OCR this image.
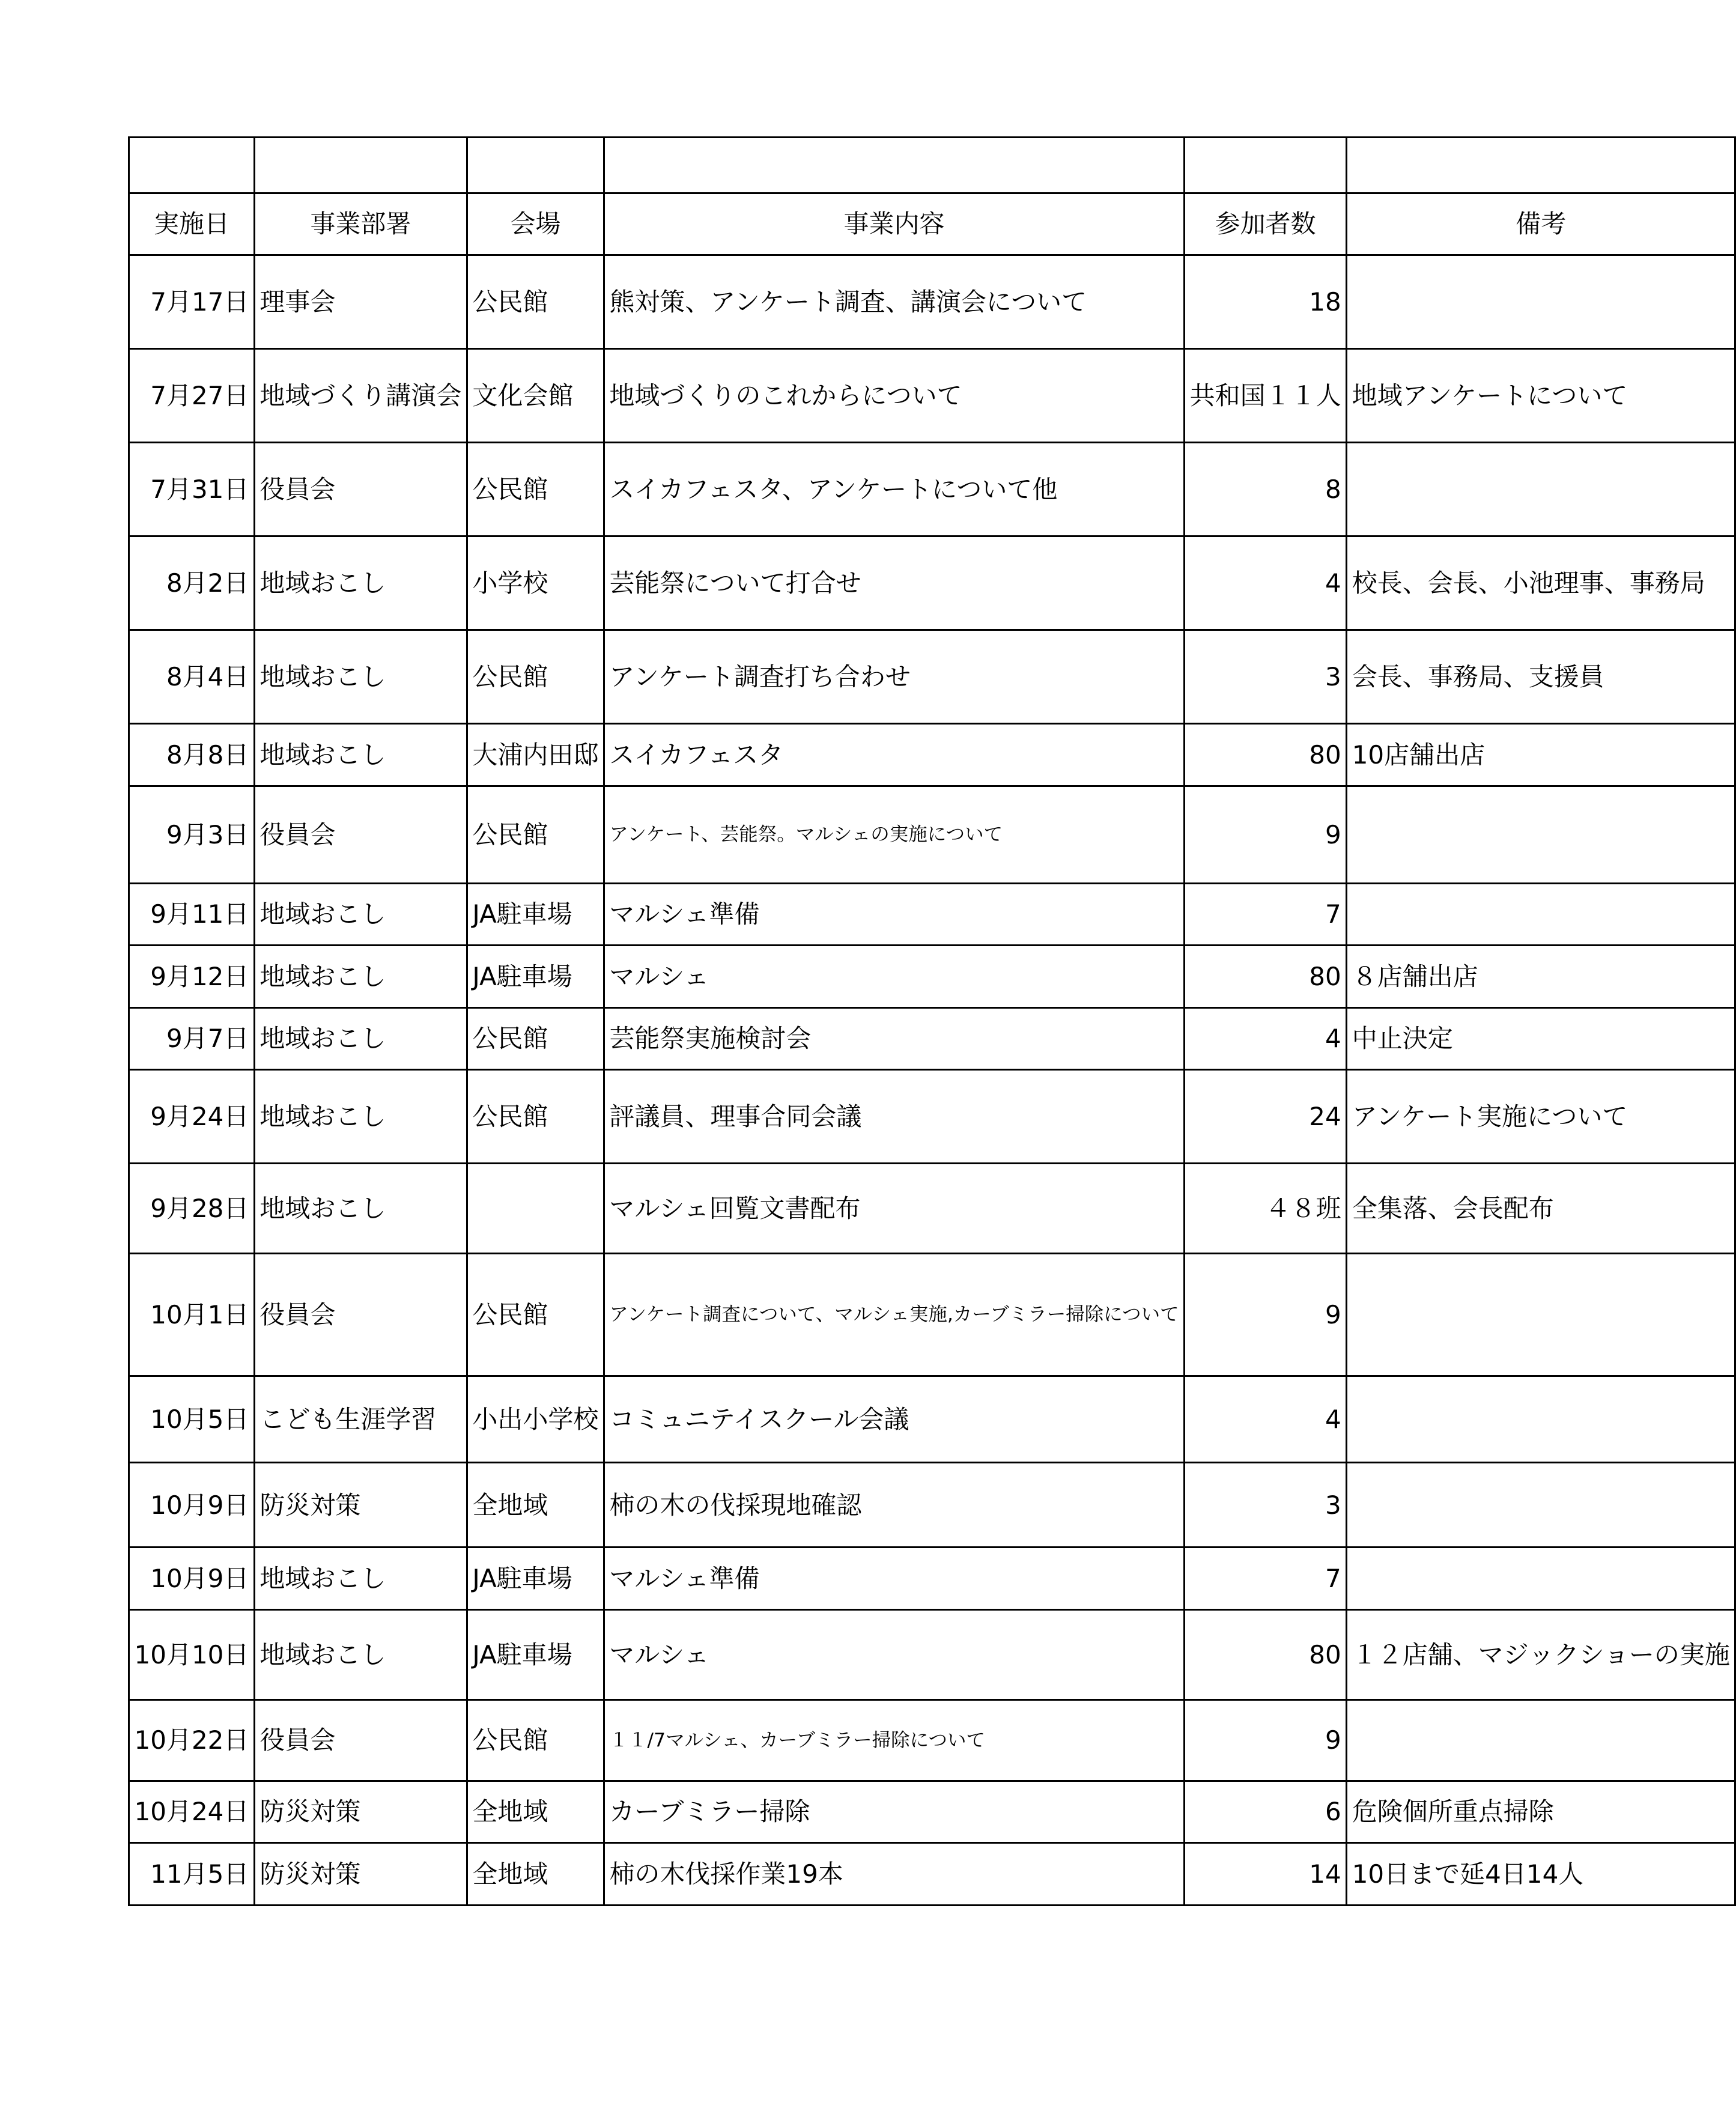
実施日	事業部署	会場	事業内容	参加者数	備考
7月17日	理事会	公民館	熊対策、アンケート調査、講演会について	18	
7月27日	地域づくり講演会	文化会館	地域づくりのこれからについて	共和国１１人	地域アンケートについて
7月31日	役員会	公民館	スイカフェスタ、アンケートについて他	8	
8月2日	地域おこし	小学校	芸能祭について打合せ	4	校長、会長、小池理事、事務局
8月4日	地域おこし	公民館	アンケート調査打ち合わせ	3	会長、事務局、支援員
8月8日	地域おこし	大浦内田邸	スイカフェスタ	80	10店舗出店
9月3日	役員会	公民館	アンケート、芸能祭。マルシェの実施について	9	
9月11日	地域おこし	JA駐車場	マルシェ準備	7	
9月12日	地域おこし	JA駐車場	マルシェ	80	８店舗出店
9月7日	地域おこし	公民館	芸能祭実施検討会	4	中止決定
9月24日	地域おこし	公民館	評議員、理事合同会議	24	アンケート実施について
9月28日	地域おこし		マルシェ回覧文書配布	４８班	全集落、会長配布
10月1日	役員会	公民館	アンケート調査について、マルシェ実施,カーブミラー掃除について	9	
10月5日	こども生涯学習	小出小学校	コミュニテイスクール会議	4	
10月9日	防災対策	全地域	柿の木の伐採現地確認	3	
10月9日	地域おこし	JA駐車場	マルシェ準備	7	
10月10日	地域おこし	JA駐車場	マルシェ	80	１２店舗、マジックショーの実施
10月22日	役員会	公民館	１１/7マルシェ、カーブミラー掃除について	9	
10月24日	防災対策	全地域	カーブミラー掃除	6	危険個所重点掃除
11月5日	防災対策	全地域	柿の木伐採作業19本	14	10日まで延4日14人
